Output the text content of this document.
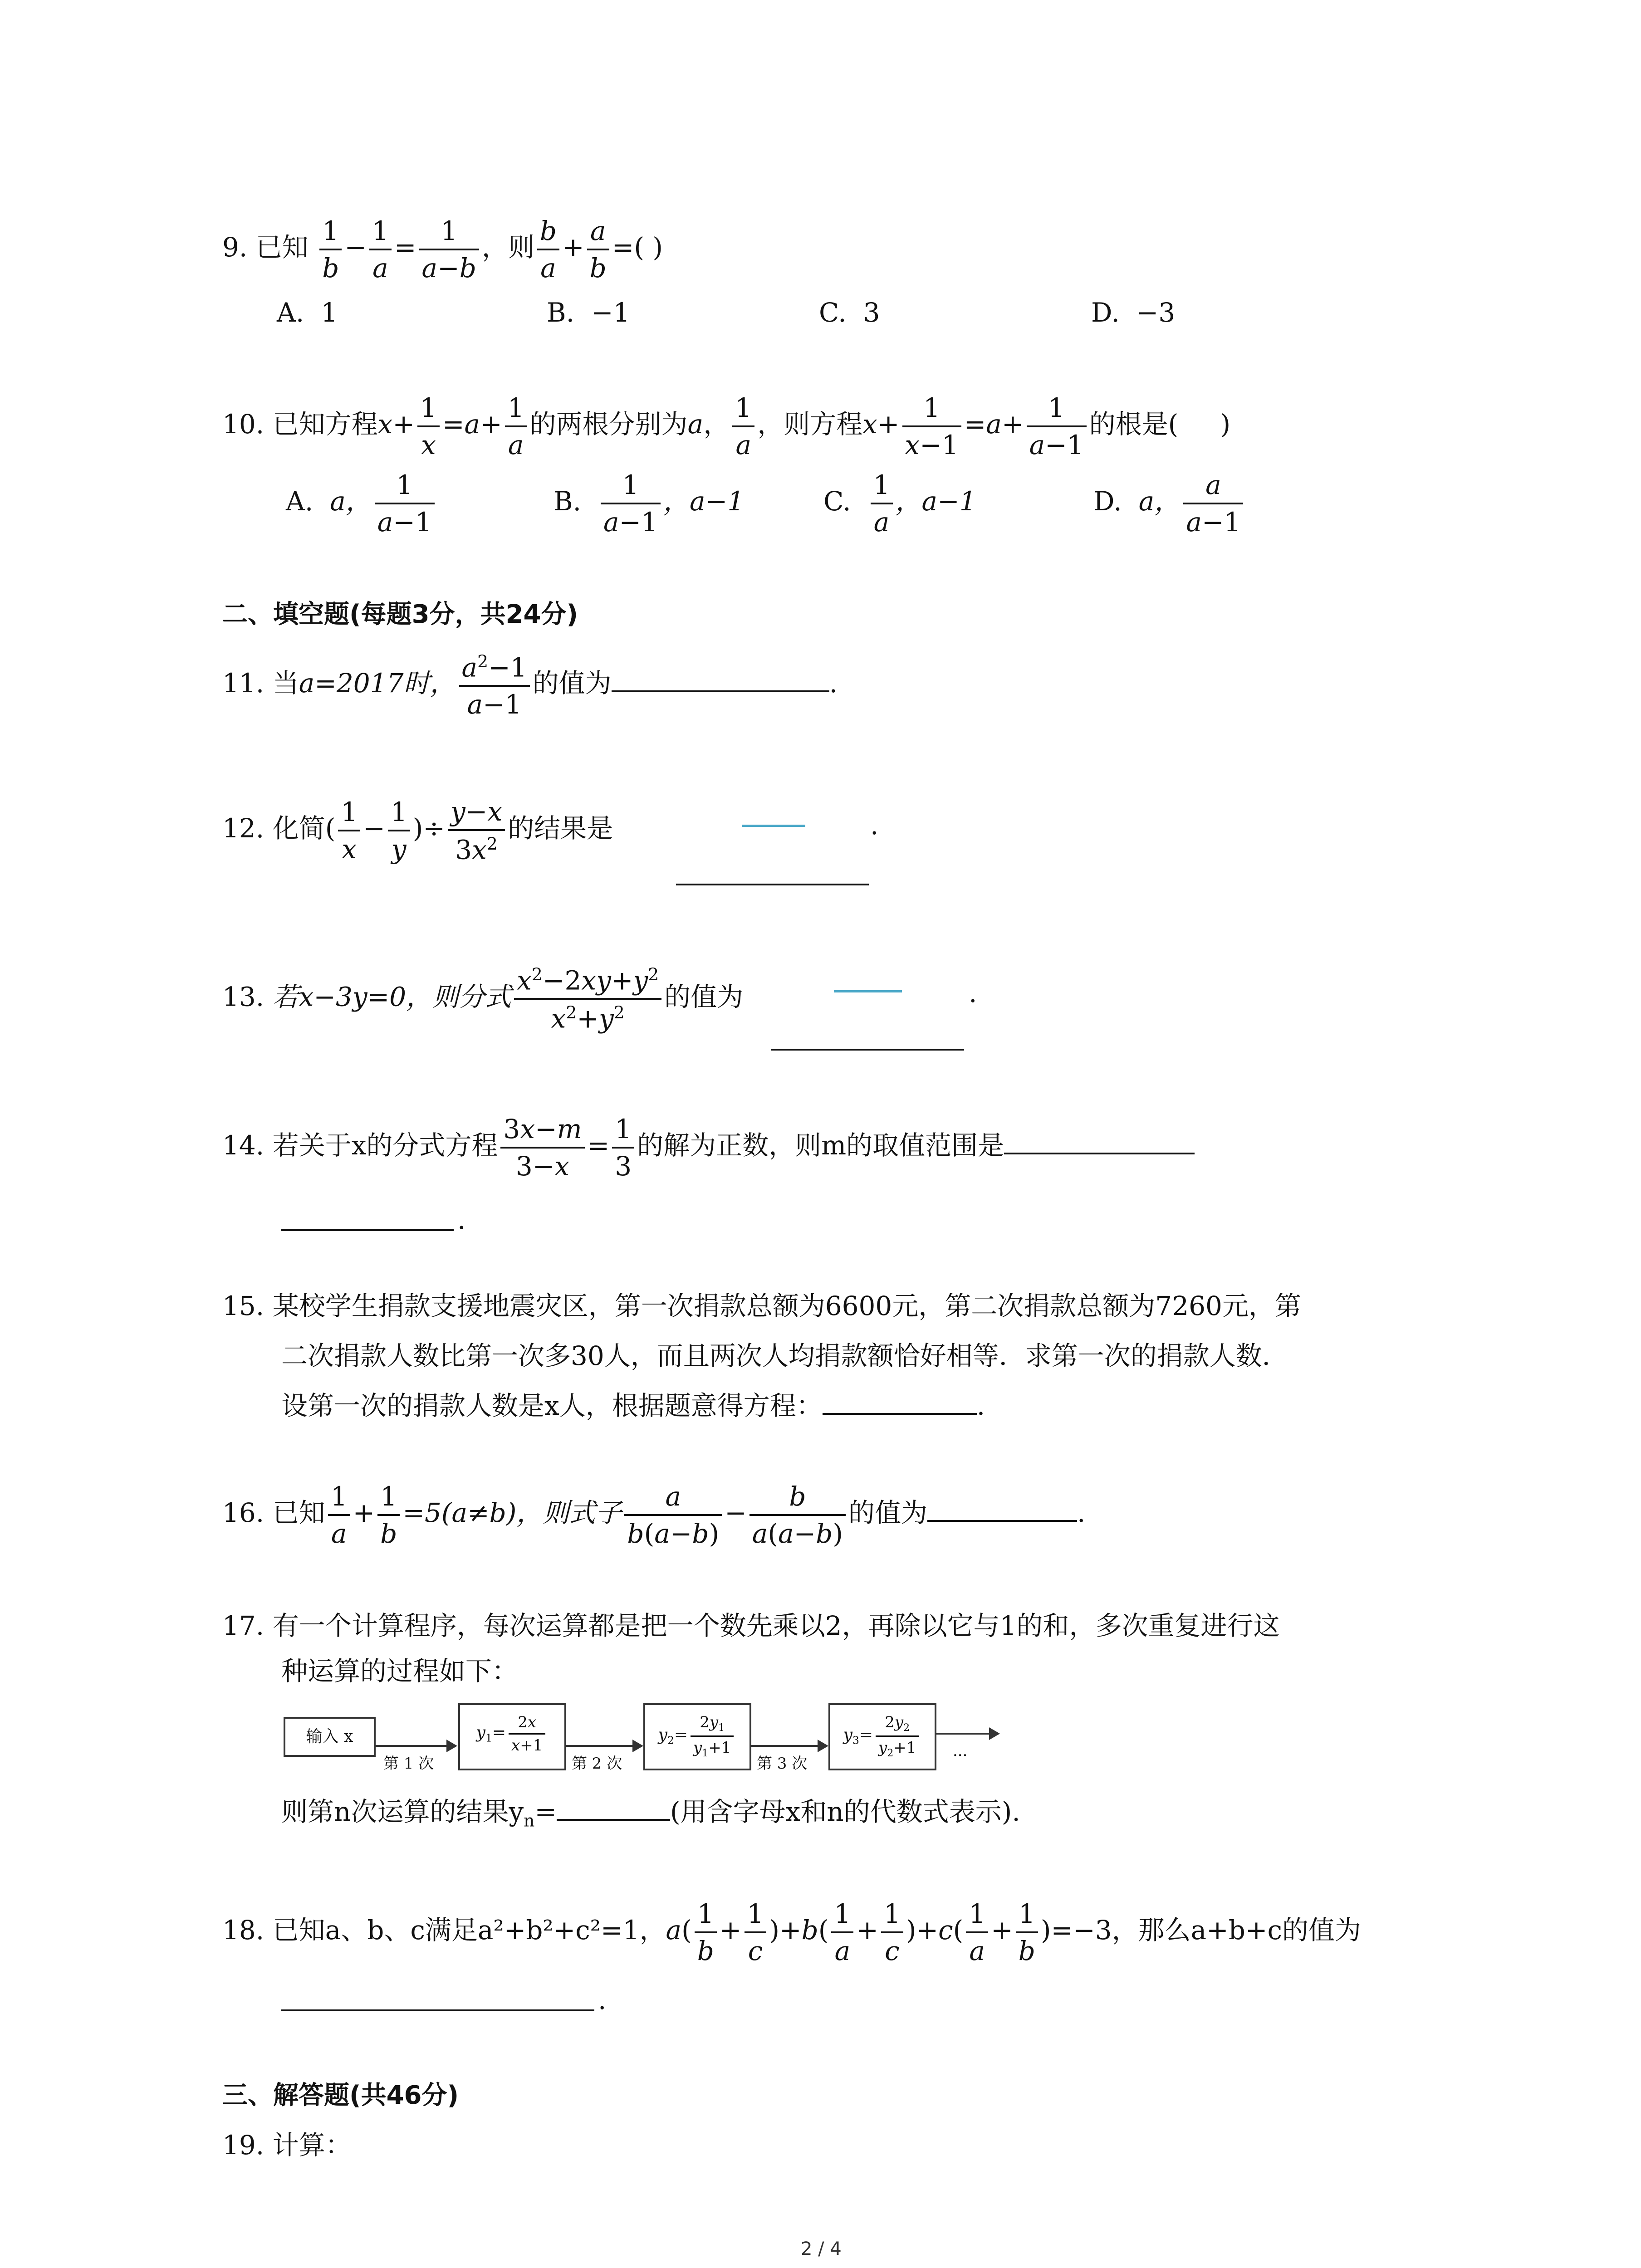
9. 已知 $\frac{1}{b} - \frac{1}{a} = \frac{1}{a-b}$ ，则 $\frac{b}{a} + \frac{a}{b}$ =( )
A. 1	B. −1	C. 3	D. −3
10. 已知方程$x+ \frac{1}{x} =a+ \frac{1}{a}$ 的两根分别为a， $\frac{1}{a}$ ，则方程$x+ \frac{1}{x-1} =a+ \frac{1}{a-1}$ 的根是( )
A. a， $\frac{1}{a-1}$	B. $\frac{1}{a-1}$ ，a−1	C. $\frac{1}{a}$ ，a−1	D. a， $\frac{a}{a-1}$
二、填空题(每题3分，共24分)
11. 当a=2017时， $\frac{a^2-1}{a-1}$ 的值为	.
12. 化简( $\frac{1}{x} - \frac{1}{y}$ )÷ $\frac{y-x}{3x^2}$ 的结果是	.
13. 若x−3y=0，则分式 $\frac{x^2-2xy+y^2}{x^2+y^2}$ 的值为	.
14. 若关于x的分式方程 $\frac{3x-m}{3-x} = \frac{1}{3}$ 的解为正数，则m的取值范围是
.
15. 某校学生捐款支援地震灾区，第一次捐款总额为6600元，第二次捐款总额为7260元，第
二次捐款人数比第一次多30人，而且两次人均捐款额恰好相等．求第一次的捐款人数．
设第一次的捐款人数是x人，根据题意得方程：	.
16. 已知 $\frac{1}{a} + \frac{1}{b} =5(a\ne b)$，则式子 $\frac{a}{b(a-b)} - \frac{b}{a(a-b)}$ 的值为	.
17. 有一个计算程序，每次运算都是把一个数先乘以2，再除以它与1的和，多次重复进行这
种运算的过程如下：
输入 x
第 1 次
$y_1= \frac{2x}{x+1}$
第 2 次
$y_2= \frac{2y_1}{y_1+1}$
第 3 次
$y_3= \frac{2y_2}{y_2+1}$ ···
则第n次运算的结果$y_n=$	(用含字母x和n的代数式表示).
18. 已知a、b、c满足a²+b²+c²=1，$a( \frac{1}{b} + \frac{1}{c} )+b( \frac{1}{a} + \frac{1}{c} )+c( \frac{1}{a} + \frac{1}{b} )=-3$，那么a+b+c的值为
.
三、解答题(共46分)
19. 计算：
2 / 4
